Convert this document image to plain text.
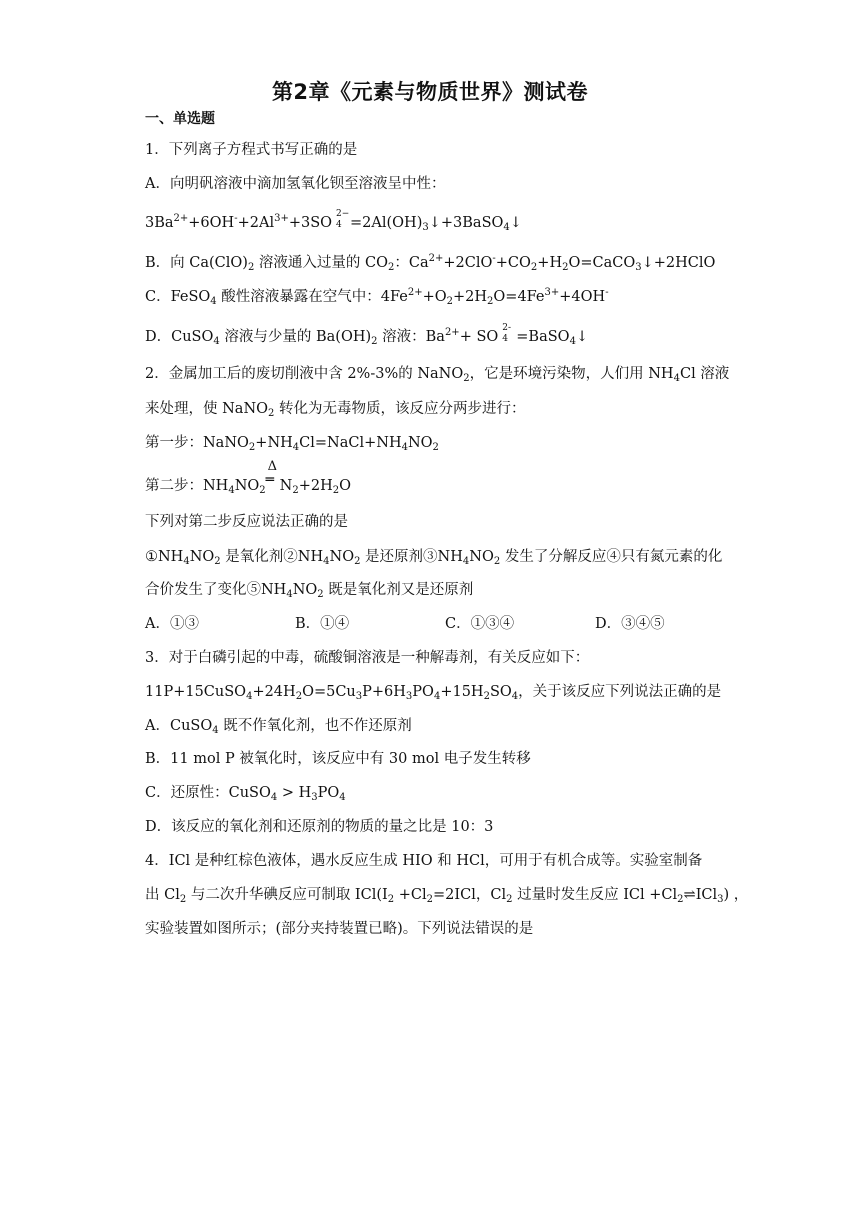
第2章《元素与物质世界》测试卷
一、单选题
1．下列离子方程式书写正确的是
A．向明矾溶液中滴加氢氧化钡至溶液呈中性：
$3Ba^{2+}+6OH^-+2Al^{3+}+3SO$
2−
$4 =2Al(OH)_3↓+3BaSO_4↓$
B．向 $Ca(ClO)_2$ 溶液通入过量的 $CO_2$：$Ca^{2+}+2ClO^-+CO_2+H_2O=CaCO_3↓+2HClO$
C．FeSO$_4$ 酸性溶液暴露在空气中：$4Fe^{2+}+O_2+2H_2O=4Fe^{3+}+4OH^-$
D．CuSO$_4$ 溶液与少量的 $Ba(OH)_2$ 溶液：$Ba^{2+}+$ SO
2-
4 =BaSO$_4$↓
2．金属加工后的废切削液中含 2%-3%的 NaNO$_2$，它是环境污染物，人们用 $NH_4Cl$ 溶液
来处理，使 NaNO$_2$ 转化为无毒物质，该反应分两步进行：
第一步：$NaNO_2+NH_4Cl=NaCl+NH_4NO_2$
第二步：$NH_4NO_2$
Δ
═ $N_2+2H_2O$
下列对第二步反应说法正确的是
$①NH_4NO_2$ 是氧化剂$②NH_4NO_2$ 是还原剂$③NH_4NO_2$ 发生了分解反应④只有氮元素的化
合价发生了变化$⑤NH_4NO_2$ 既是氧化剂又是还原剂
A．①③	B．①④	C．①③④	D．③④⑤
3．对于白磷引起的中毒，硫酸铜溶液是一种解毒剂，有关反应如下：
$11P+15CuSO_4+24H_2O=5Cu_3P+6H_3PO_4+15H_2SO_4$，关于该反应下列说法正确的是
A．CuSO$_4$ 既不作氧化剂，也不作还原剂
B．11 mol P 被氧化时，该反应中有 30 mol 电子发生转移
C．还原性：CuSO$_4$ > $H_3PO_4$
D．该反应的氧化剂和还原剂的物质的量之比是 10：3
4．ICl 是种红棕色液体，遇水反应生成 HIO 和 HCl，可用于有机合成等。实验室制备
出 $Cl_2$ 与二次升华碘反应可制取 $ICl(I_2 +Cl_2=2ICl$，$Cl_2$ 过量时发生反应 ICl $+Cl_2\rightleftharpoons ICl_3$) ，
实验装置如图所示；(部分夹持装置已略)。下列说法错误的是
